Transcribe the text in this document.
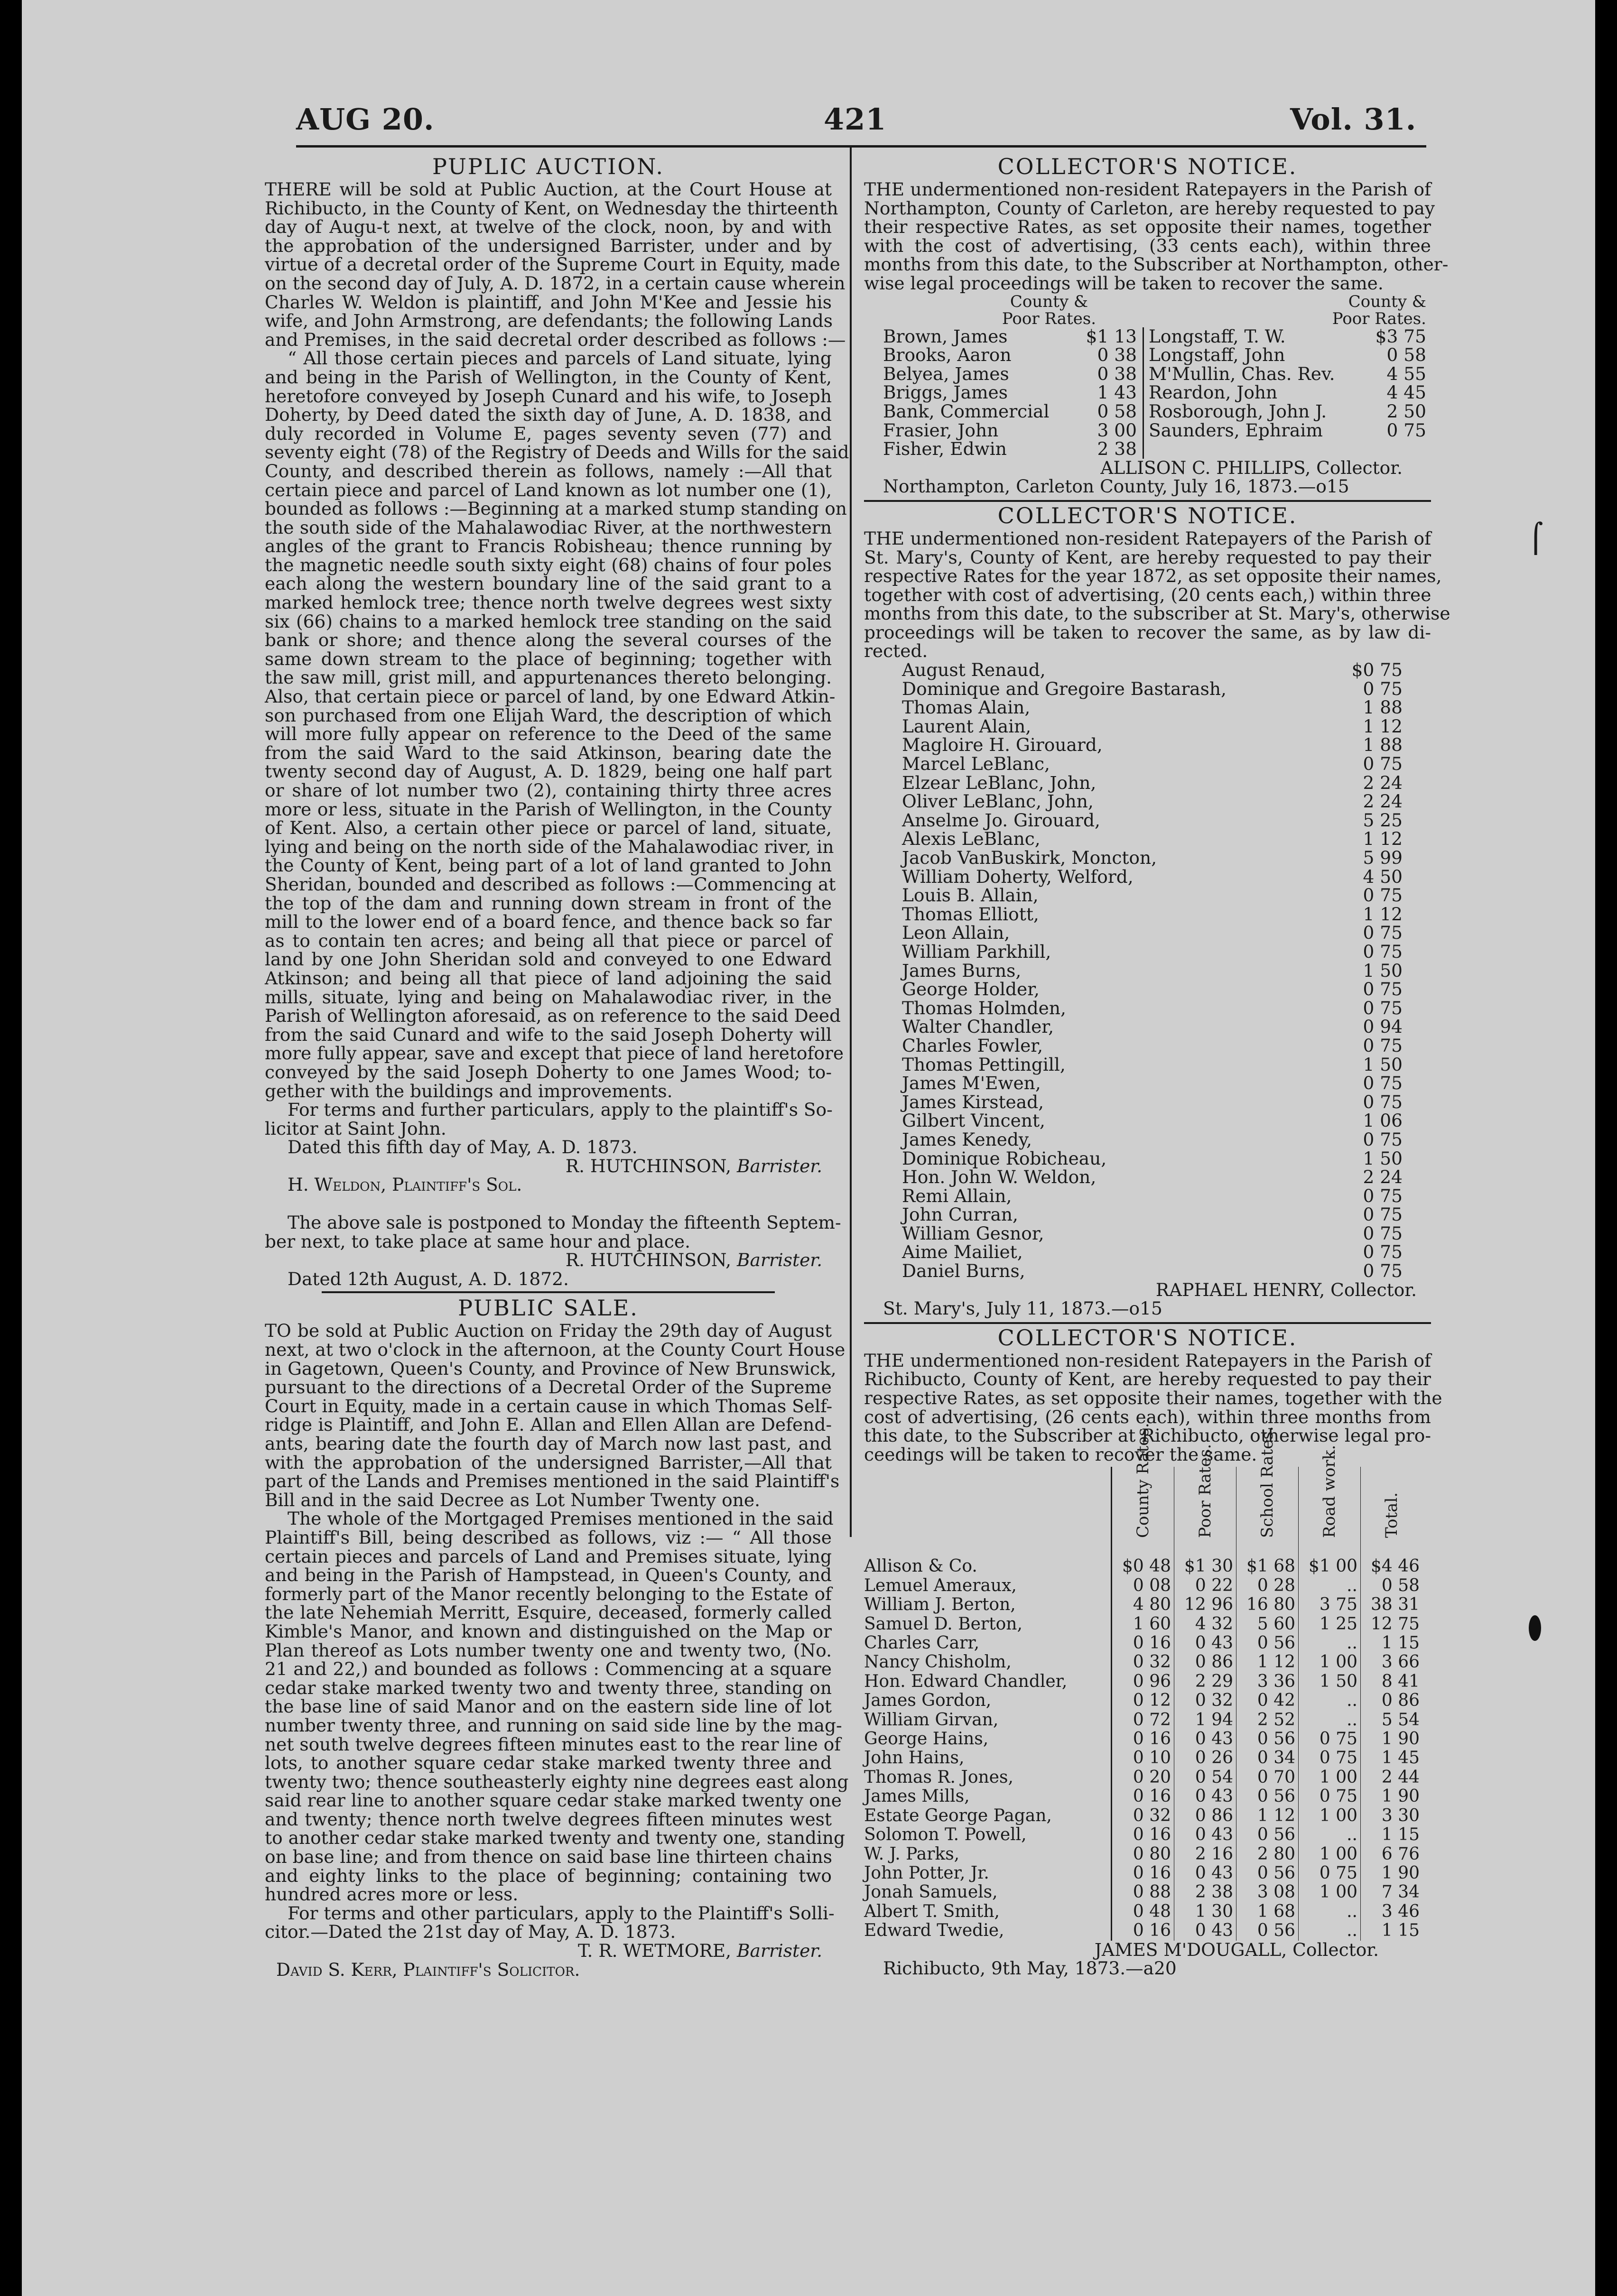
AUG 20.	421	Vol. 31.
PUPLIC AUCTION.
THERE will be sold at Public Auction, at the Court House at
Richibucto, in the County of Kent, on Wednesday the thirteenth
day of Augu-t next, at twelve of the clock, noon, by and with
the approbation of the undersigned Barrister, under and by
virtue of a decretal order of the Supreme Court in Equity, made
on the second day of July, A. D. 1872, in a certain cause wherein
Charles W. Weldon is plaintiff, and John M'Kee and Jessie his
wife, and John Armstrong, are defendants; the following Lands
and Premises, in the said decretal order described as follows :—
“ All those certain pieces and parcels of Land situate, lying
and being in the Parish of Wellington, in the County of Kent,
heretofore conveyed by Joseph Cunard and his wife, to Joseph
Doherty, by Deed dated the sixth day of June, A. D. 1838, and
duly recorded in Volume E, pages seventy seven (77) and
seventy eight (78) of the Registry of Deeds and Wills for the said
County, and described therein as follows, namely :—All that
certain piece and parcel of Land known as lot number one (1),
bounded as follows :—Beginning at a marked stump standing on
the south side of the Mahalawodiac River, at the northwestern
angles of the grant to Francis Robisheau; thence running by
the magnetic needle south sixty eight (68) chains of four poles
each along the western boundary line of the said grant to a
marked hemlock tree; thence north twelve degrees west sixty
six (66) chains to a marked hemlock tree standing on the said
bank or shore; and thence along the several courses of the
same down stream to the place of beginning; together with
the saw mill, grist mill, and appurtenances thereto belonging.
Also, that certain piece or parcel of land, by one Edward Atkin-
son purchased from one Elijah Ward, the description of which
will more fully appear on reference to the Deed of the same
from the said Ward to the said Atkinson, bearing date the
twenty second day of August, A. D. 1829, being one half part
or share of lot number two (2), containing thirty three acres
more or less, situate in the Parish of Wellington, in the County
of Kent. Also, a certain other piece or parcel of land, situate,
lying and being on the north side of the Mahalawodiac river, in
the County of Kent, being part of a lot of land granted to John
Sheridan, bounded and described as follows :—Commencing at
the top of the dam and running down stream in front of the
mill to the lower end of a board fence, and thence back so far
as to contain ten acres; and being all that piece or parcel of
land by one John Sheridan sold and conveyed to one Edward
Atkinson; and being all that piece of land adjoining the said
mills, situate, lying and being on Mahalawodiac river, in the
Parish of Wellington aforesaid, as on reference to the said Deed
from the said Cunard and wife to the said Joseph Doherty will
more fully appear, save and except that piece of land heretofore
conveyed by the said Joseph Doherty to one James Wood; to-
gether with the buildings and improvements.
For terms and further particulars, apply to the plaintiff's So-
licitor at Saint John.
Dated this fifth day of May, A. D. 1873.
R. HUTCHINSON, Barrister.
H. Weldon, Plaintiff's Sol.
The above sale is postponed to Monday the fifteenth Septem-
ber next, to take place at same hour and place.
R. HUTCHINSON, Barrister.
Dated 12th August, A. D. 1872.
PUBLIC SALE.
TO be sold at Public Auction on Friday the 29th day of August
next, at two o'clock in the afternoon, at the County Court House
in Gagetown, Queen's County, and Province of New Brunswick,
pursuant to the directions of a Decretal Order of the Supreme
Court in Equity, made in a certain cause in which Thomas Self-
ridge is Plaintiff, and John E. Allan and Ellen Allan are Defend-
ants, bearing date the fourth day of March now last past, and
with the approbation of the undersigned Barrister,—All that
part of the Lands and Premises mentioned in the said Plaintiff's
Bill and in the said Decree as Lot Number Twenty one.
The whole of the Mortgaged Premises mentioned in the said
Plaintiff's Bill, being described as follows, viz :— “ All those
certain pieces and parcels of Land and Premises situate, lying
and being in the Parish of Hampstead, in Queen's County, and
formerly part of the Manor recently belonging to the Estate of
the late Nehemiah Merritt, Esquire, deceased, formerly called
Kimble's Manor, and known and distinguished on the Map or
Plan thereof as Lots number twenty one and twenty two, (No.
21 and 22,) and bounded as follows : Commencing at a square
cedar stake marked twenty two and twenty three, standing on
the base line of said Manor and on the eastern side line of lot
number twenty three, and running on said side line by the mag-
net south twelve degrees fifteen minutes east to the rear line of
lots, to another square cedar stake marked twenty three and
twenty two; thence southeasterly eighty nine degrees east along
said rear line to another square cedar stake marked twenty one
and twenty; thence north twelve degrees fifteen minutes west
to another cedar stake marked twenty and twenty one, standing
on base line; and from thence on said base line thirteen chains
and eighty links to the place of beginning; containing two
hundred acres more or less.
For terms and other particulars, apply to the Plaintiff's Solli-
citor.—Dated the 21st day of May, A. D. 1873.
T. R. WETMORE, Barrister.
David S. Kerr, Plaintiff's Solicitor.
COLLECTOR'S NOTICE.
THE undermentioned non-resident Ratepayers in the Parish of
Northampton, County of Carleton, are hereby requested to pay
their respective Rates, as set opposite their names, together
with the cost of advertising, (33 cents each), within three
months from this date, to the Subscriber at Northampton, other-
wise legal proceedings will be taken to recover the same.
County &
Poor Rates.
County &
Poor Rates.
Brown, James	$1 13
Brooks, Aaron	0 38
Belyea, James	0 38
Briggs, James	1 43
Bank, Commercial	0 58
Frasier, John	3 00
Fisher, Edwin	2 38
Longstaff, T. W.	$3 75
Longstaff, John	0 58
M'Mullin, Chas. Rev.	4 55
Reardon, John	4 45
Rosborough, John J.	2 50
Saunders, Ephraim	0 75
ALLISON C. PHILLIPS, Collector.
Northampton, Carleton County, July 16, 1873.—o15
COLLECTOR'S NOTICE.
THE undermentioned non-resident Ratepayers of the Parish of
St. Mary's, County of Kent, are hereby requested to pay their
respective Rates for the year 1872, as set opposite their names,
together with cost of advertising, (20 cents each,) within three
months from this date, to the subscriber at St. Mary's, otherwise
proceedings will be taken to recover the same, as by law di-
rected.
August Renaud,	$0 75
Dominique and Gregoire Bastarash,	0 75
Thomas Alain,	1 88
Laurent Alain,	1 12
Magloire H. Girouard,	1 88
Marcel LeBlanc,	0 75
Elzear LeBlanc, John,	2 24
Oliver LeBlanc, John,	2 24
Anselme Jo. Girouard,	5 25
Alexis LeBlanc,	1 12
Jacob VanBuskirk, Moncton,	5 99
William Doherty, Welford,	4 50
Louis B. Allain,	0 75
Thomas Elliott,	1 12
Leon Allain,	0 75
William Parkhill,	0 75
James Burns,	1 50
George Holder,	0 75
Thomas Holmden,	0 75
Walter Chandler,	0 94
Charles Fowler,	0 75
Thomas Pettingill,	1 50
James M'Ewen,	0 75
James Kirstead,	0 75
Gilbert Vincent,	1 06
James Kenedy,	0 75
Dominique Robicheau,	1 50
Hon. John W. Weldon,	2 24
Remi Allain,	0 75
John Curran,	0 75
William Gesnor,	0 75
Aime Mailiet,	0 75
Daniel Burns,	0 75
RAPHAEL HENRY, Collector.
St. Mary's, July 11, 1873.—o15
COLLECTOR'S NOTICE.
THE undermentioned non-resident Ratepayers in the Parish of
Richibucto, County of Kent, are hereby requested to pay their
respective Rates, as set opposite their names, together with the
cost of advertising, (26 cents each), within three months from
this date, to the Subscriber at Richibucto, otherwise legal pro-
ceedings will be taken to recover the same.

	County Rates.	Poor Rates.	School Rates.	Road work.	Total.

Allison & Co.	$0 48	$1 30	$1 68	$1 00	$4 46
Lemuel Ameraux,	0 08	0 22	0 28	..	0 58
William J. Berton,	4 80	12 96	16 80	3 75	38 31
Samuel D. Berton,	1 60	4 32	5 60	1 25	12 75
Charles Carr,	0 16	0 43	0 56	..	1 15
Nancy Chisholm,	0 32	0 86	1 12	1 00	3 66
Hon. Edward Chandler,	0 96	2 29	3 36	1 50	8 41
James Gordon,	0 12	0 32	0 42	..	0 86
William Girvan,	0 72	1 94	2 52	..	5 54
George Hains,	0 16	0 43	0 56	0 75	1 90
John Hains,	0 10	0 26	0 34	0 75	1 45
Thomas R. Jones,	0 20	0 54	0 70	1 00	2 44
James Mills,	0 16	0 43	0 56	0 75	1 90
Estate George Pagan,	0 32	0 86	1 12	1 00	3 30
Solomon T. Powell,	0 16	0 43	0 56	..	1 15
W. J. Parks,	0 80	2 16	2 80	1 00	6 76
John Potter, Jr.	0 16	0 43	0 56	0 75	1 90
Jonah Samuels,	0 88	2 38	3 08	1 00	7 34
Albert T. Smith,	0 48	1 30	1 68	..	3 46
Edward Twedie,	0 16	0 43	0 56	..	1 15
JAMES M'DOUGALL, Collector.
Richibucto, 9th May, 1873.—a20
⌠
